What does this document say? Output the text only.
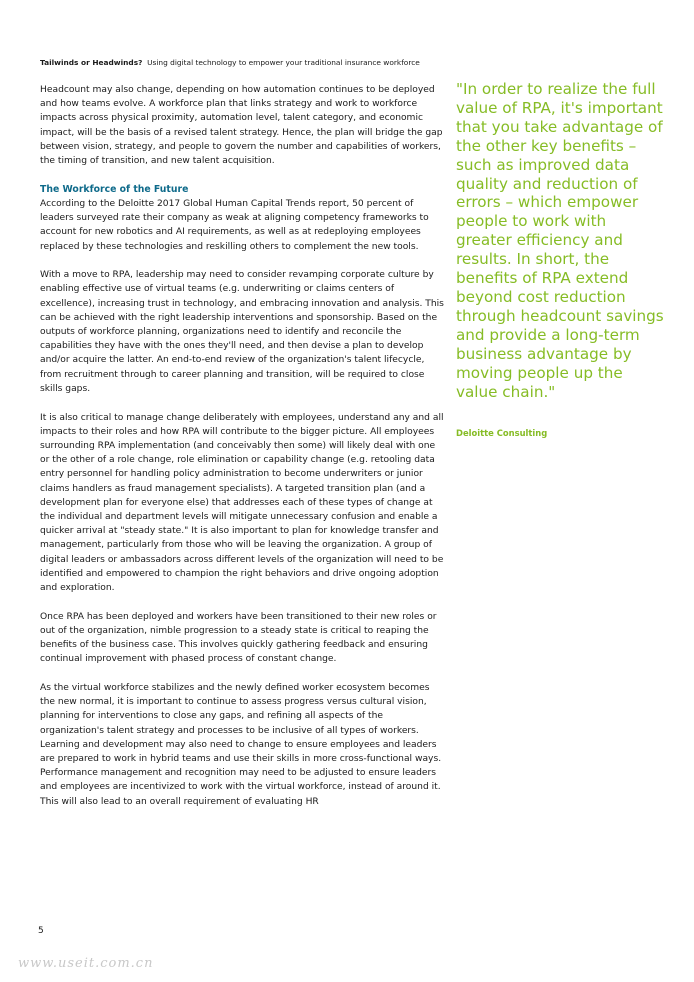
Tailwinds or Headwinds? Using digital technology to empower your traditional insurance workforce

Headcount may also change, depending on how automation continues to be deployed and how teams evolve. A workforce plan that links strategy and work to workforce impacts across physical proximity, automation level, talent category, and economic impact, will be the basis of a revised talent strategy. Hence, the plan will bridge the gap between vision, strategy, and people to govern the number and capabilities of workers, the timing of transition, and new talent acquisition.

The Workforce of the Future

According to the Deloitte 2017 Global Human Capital Trends report, 50 percent of leaders surveyed rate their company as weak at aligning competency frameworks to account for new robotics and AI requirements, as well as at redeploying employees replaced by these technologies and reskilling others to complement the new tools.

With a move to RPA, leadership may need to consider revamping corporate culture by enabling effective use of virtual teams (e.g. underwriting or claims centers of excellence), increasing trust in technology, and embracing innovation and analysis. This can be achieved with the right leadership interventions and sponsorship. Based on the outputs of workforce planning, organizations need to identify and reconcile the capabilities they have with the ones they'll need, and then devise a plan to develop and/or acquire the latter. An end-to-end review of the organization's talent lifecycle, from recruitment through to career planning and transition, will be required to close skills gaps.

It is also critical to manage change deliberately with employees, understand any and all impacts to their roles and how RPA will contribute to the bigger picture. All employees surrounding RPA implementation (and conceivably then some) will likely deal with one or the other of a role change, role elimination or capability change (e.g. retooling data entry personnel for handling policy administration to become underwriters or junior claims handlers as fraud management specialists). A targeted transition plan (and a development plan for everyone else) that addresses each of these types of change at the individual and department levels will mitigate unnecessary confusion and enable a quicker arrival at "steady state." It is also important to plan for knowledge transfer and management, particularly from those who will be leaving the organization. A group of digital leaders or ambassadors across different levels of the organization will need to be identified and empowered to champion the right behaviors and drive ongoing adoption and exploration.

Once RPA has been deployed and workers have been transitioned to their new roles or out of the organization, nimble progression to a steady state is critical to reaping the benefits of the business case. This involves quickly gathering feedback and ensuring continual improvement with phased process of constant change.

As the virtual workforce stabilizes and the newly defined worker ecosystem becomes the new normal, it is important to continue to assess progress versus cultural vision, planning for interventions to close any gaps, and refining all aspects of the organization's talent strategy and processes to be inclusive of all types of workers. Learning and development may also need to change to ensure employees and leaders are prepared to work in hybrid teams and use their skills in more cross-functional ways. Performance management and recognition may need to be adjusted to ensure leaders and employees are incentivized to work with the virtual workforce, instead of around it. This will also lead to an overall requirement of evaluating HR

"In order to realize the full value of RPA, it's important that you take advantage of the other key benefits – such as improved data quality and reduction of errors – which empower people to work with greater efficiency and results. In short, the benefits of RPA extend beyond cost reduction through headcount savings and provide a long-term business advantage by moving people up the value chain."
Deloitte Consulting
5
www.useit.com.cn
